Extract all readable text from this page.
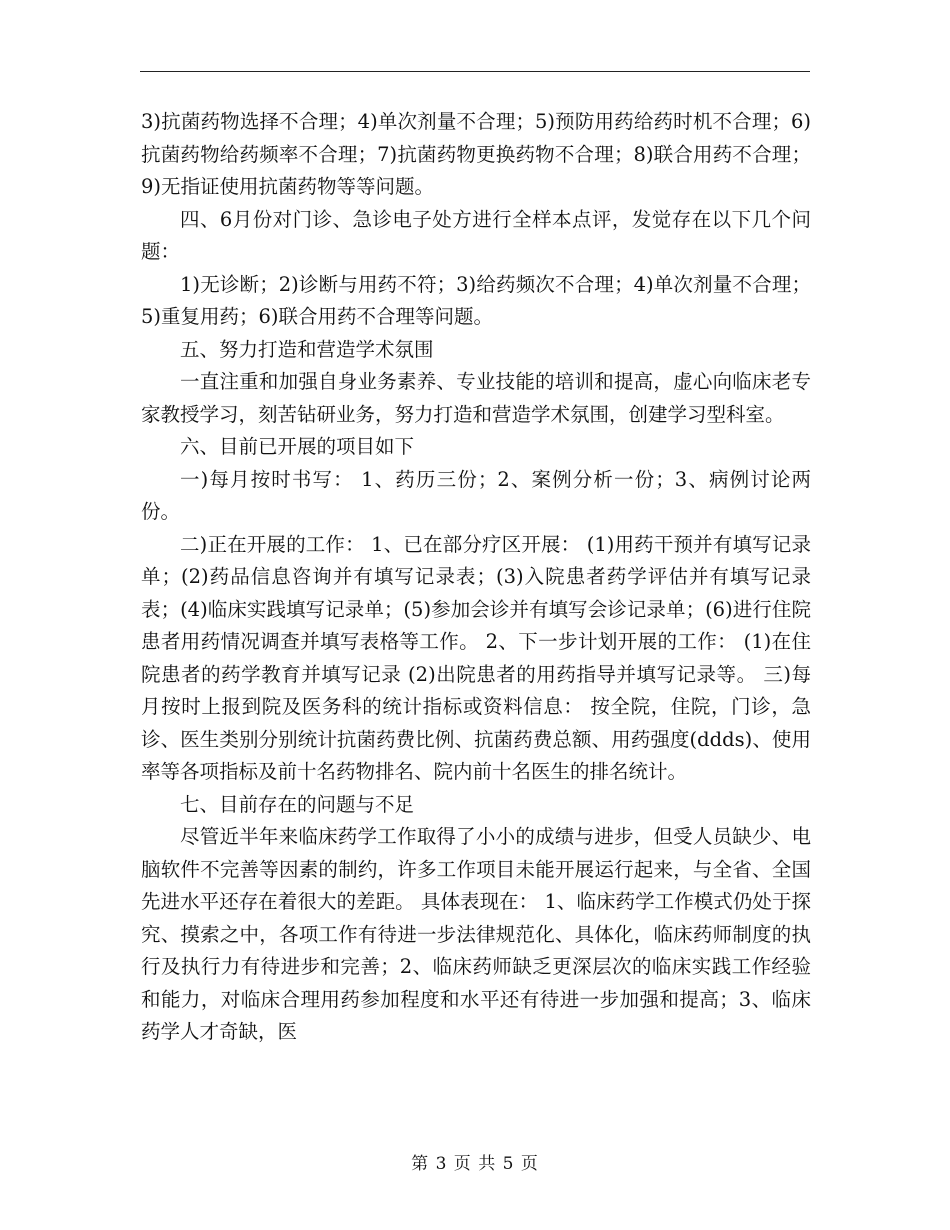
3)抗菌药物选择不合理；4)单次剂量不合理；5)预防用药给药时机不合理；6)抗菌药物给药频率不合理；7)抗菌药物更换药物不合理；8)联合用药不合理；9)无指证使用抗菌药物等等问题。

四、6月份对门诊、急诊电子处方进行全样本点评，发觉存在以下几个问题：

1)无诊断；2)诊断与用药不符；3)给药频次不合理；4)单次剂量不合理；5)重复用药；6)联合用药不合理等问题。

五、努力打造和营造学术氛围

一直注重和加强自身业务素养、专业技能的培训和提高，虚心向临床老专家教授学习，刻苦钻研业务，努力打造和营造学术氛围，创建学习型科室。

六、目前已开展的项目如下

一)每月按时书写： 1、药历三份；2、案例分析一份；3、病例讨论两份。

二)正在开展的工作： 1、已在部分疗区开展： (1)用药干预并有填写记录单；(2)药品信息咨询并有填写记录表；(3)入院患者药学评估并有填写记录表；(4)临床实践填写记录单；(5)参加会诊并有填写会诊记录单；(6)进行住院患者用药情况调查并填写表格等工作。 2、下一步计划开展的工作： (1)在住院患者的药学教育并填写记录 (2)出院患者的用药指导并填写记录等。 三)每月按时上报到院及医务科的统计指标或资料信息： 按全院，住院，门诊，急诊、医生类别分别统计抗菌药费比例、抗菌药费总额、用药强度(ddds)、使用率等各项指标及前十名药物排名、院内前十名医生的排名统计。

七、目前存在的问题与不足

尽管近半年来临床药学工作取得了小小的成绩与进步，但受人员缺少、电脑软件不完善等因素的制约，许多工作项目未能开展运行起来，与全省、全国先进水平还存在着很大的差距。 具体表现在： 1、临床药学工作模式仍处于探究、摸索之中，各项工作有待进一步法律规范化、具体化，临床药师制度的执行及执行力有待进步和完善；2、临床药师缺乏更深层次的临床实践工作经验和能力，对临床合理用药参加程度和水平还有待进一步加强和提高；3、临床药学人才奇缺，医

第 3 页 共 5 页
